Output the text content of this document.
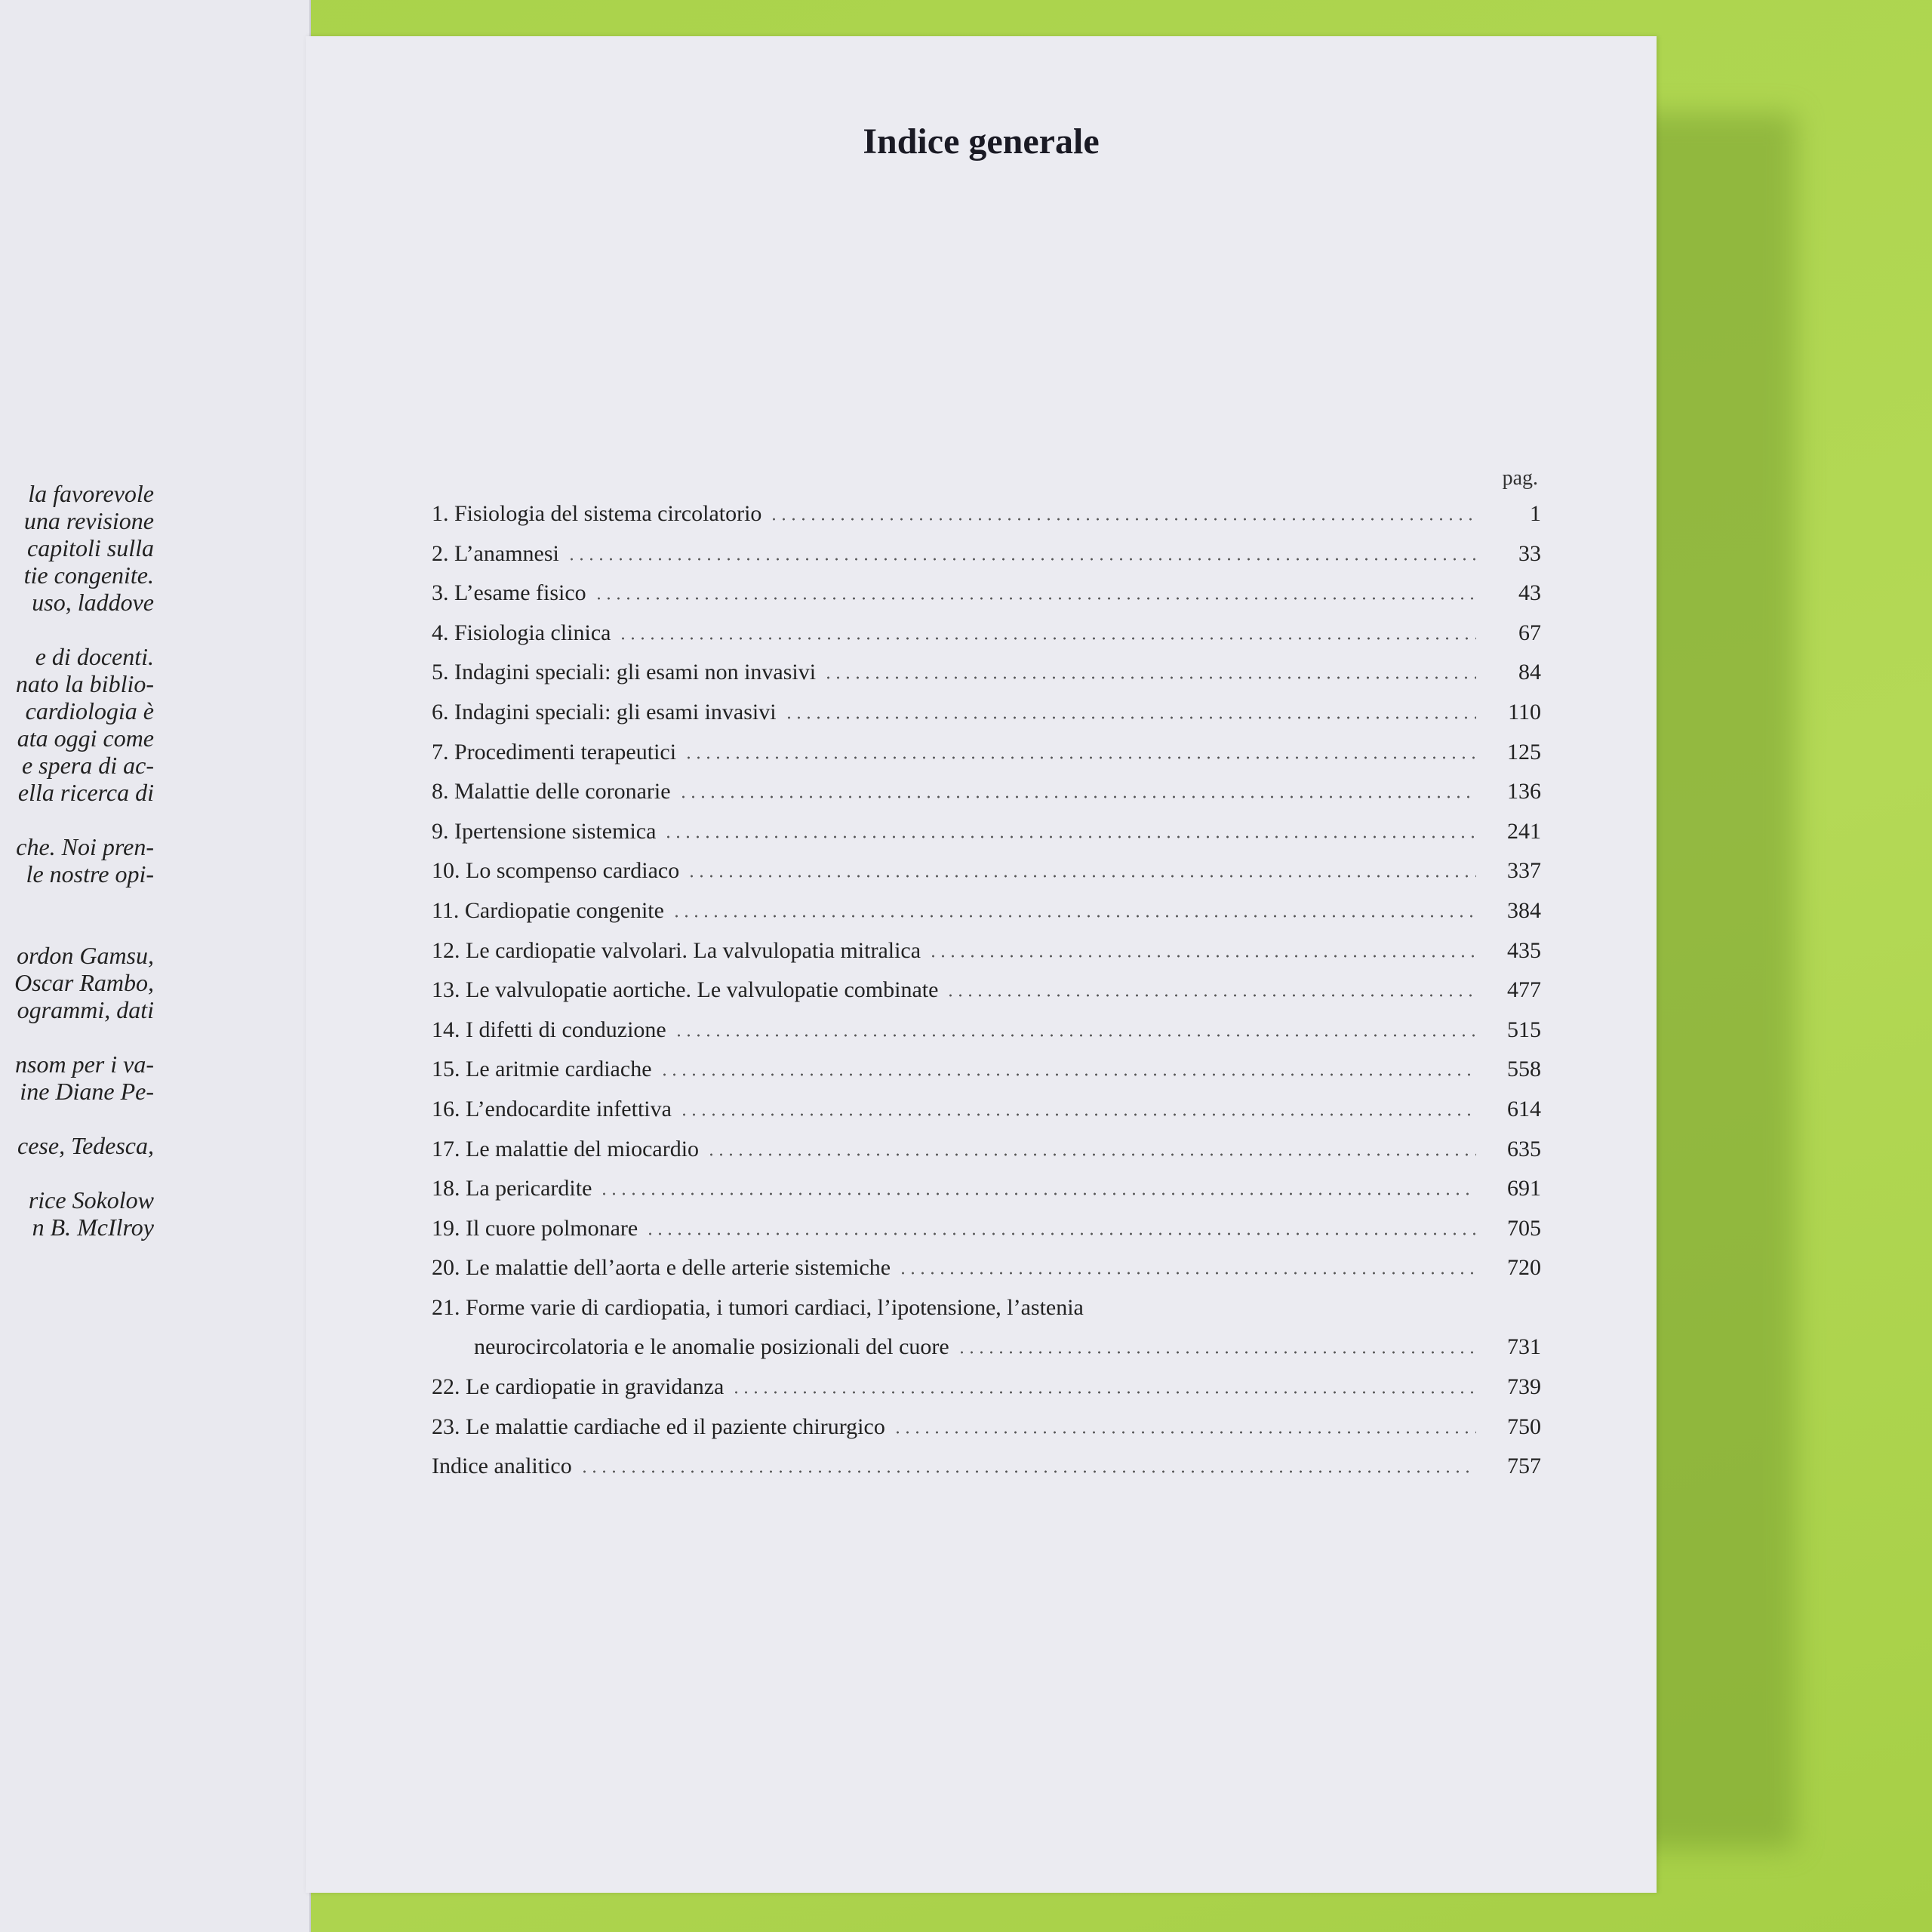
la favorevole
una revisione
capitoli sulla
tie congenite.
uso, laddove
e di docenti.
nato la biblio-
cardiologia è
ata oggi come
e spera di ac-
ella ricerca di
che. Noi pren-
le nostre opi-
ordon Gamsu,
Oscar Rambo,
ogrammi, dati
nsom per i va-
ine Diane Pe-
cese, Tedesca,
rice Sokolow
n B. McIlroy
Indice generale
pag.
1. Fisiologia del sistema circolatorio	1
2. L’anamnesi	33
3. L’esame fisico	43
4. Fisiologia clinica	67
5. Indagini speciali: gli esami non invasivi	84
6. Indagini speciali: gli esami invasivi	110
7. Procedimenti terapeutici	125
8. Malattie delle coronarie	136
9. Ipertensione sistemica	241
10. Lo scompenso cardiaco	337
11. Cardiopatie congenite	384
12. Le cardiopatie valvolari. La valvulopatia mitralica	435
13. Le valvulopatie aortiche. Le valvulopatie combinate	477
14. I difetti di conduzione	515
15. Le aritmie cardiache	558
16. L’endocardite infettiva	614
17. Le malattie del miocardio	635
18. La pericardite	691
19. Il cuore polmonare	705
20. Le malattie dell’aorta e delle arterie sistemiche	720
21. Forme varie di cardiopatia, i tumori cardiaci, l’ipotensione, l’astenia
neurocircolatoria e le anomalie posizionali del cuore	731
22. Le cardiopatie in gravidanza	739
23. Le malattie cardiache ed il paziente chirurgico	750
Indice analitico	757
